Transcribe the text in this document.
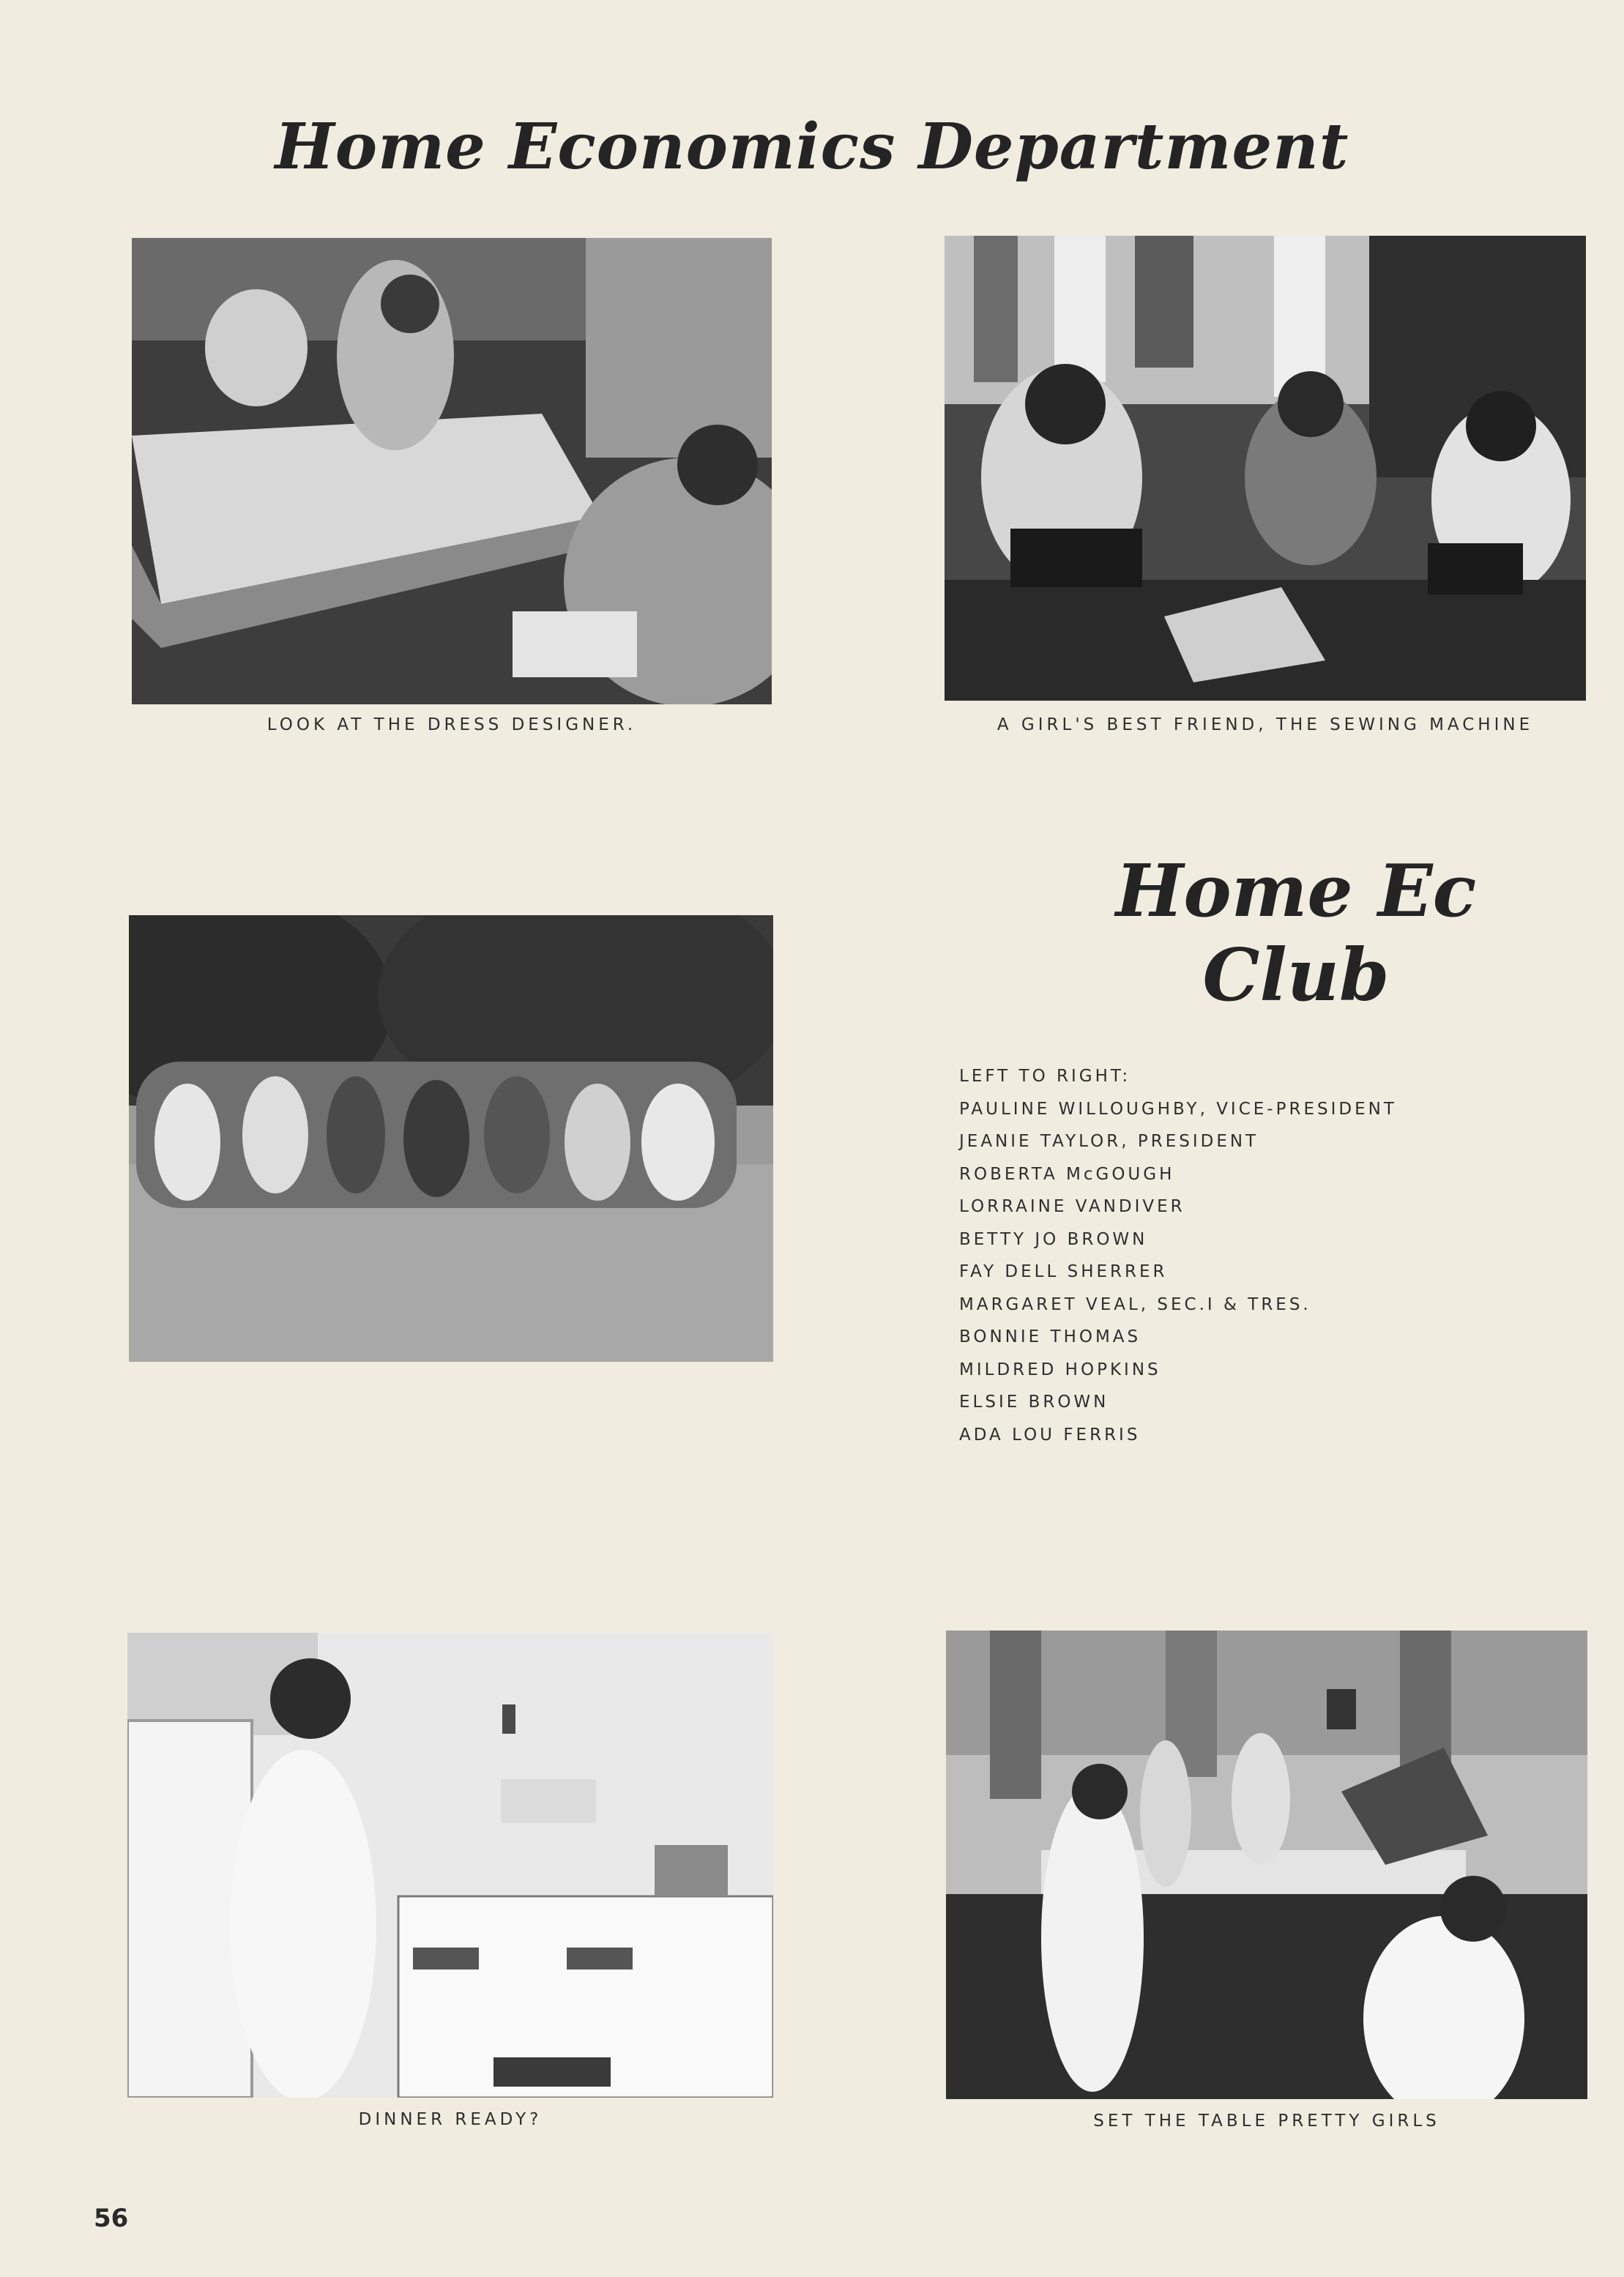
Home Economics Department
LOOK AT THE DRESS DESIGNER.	A GIRL'S BEST FRIEND, THE SEWING MACHINE
Home Ec Club
LEFT TO RIGHT:
PAULINE WILLOUGHBY, VICE-PRESIDENT
JEANIE TAYLOR, PRESIDENT
ROBERTA McGOUGH
LORRAINE VANDIVER
BETTY JO BROWN
FAY DELL SHERRER
MARGARET VEAL, SEC.I & TRES.
BONNIE THOMAS
MILDRED HOPKINS
ELSIE BROWN
ADA LOU FERRIS
DINNER READY?	SET THE TABLE PRETTY GIRLS
56
